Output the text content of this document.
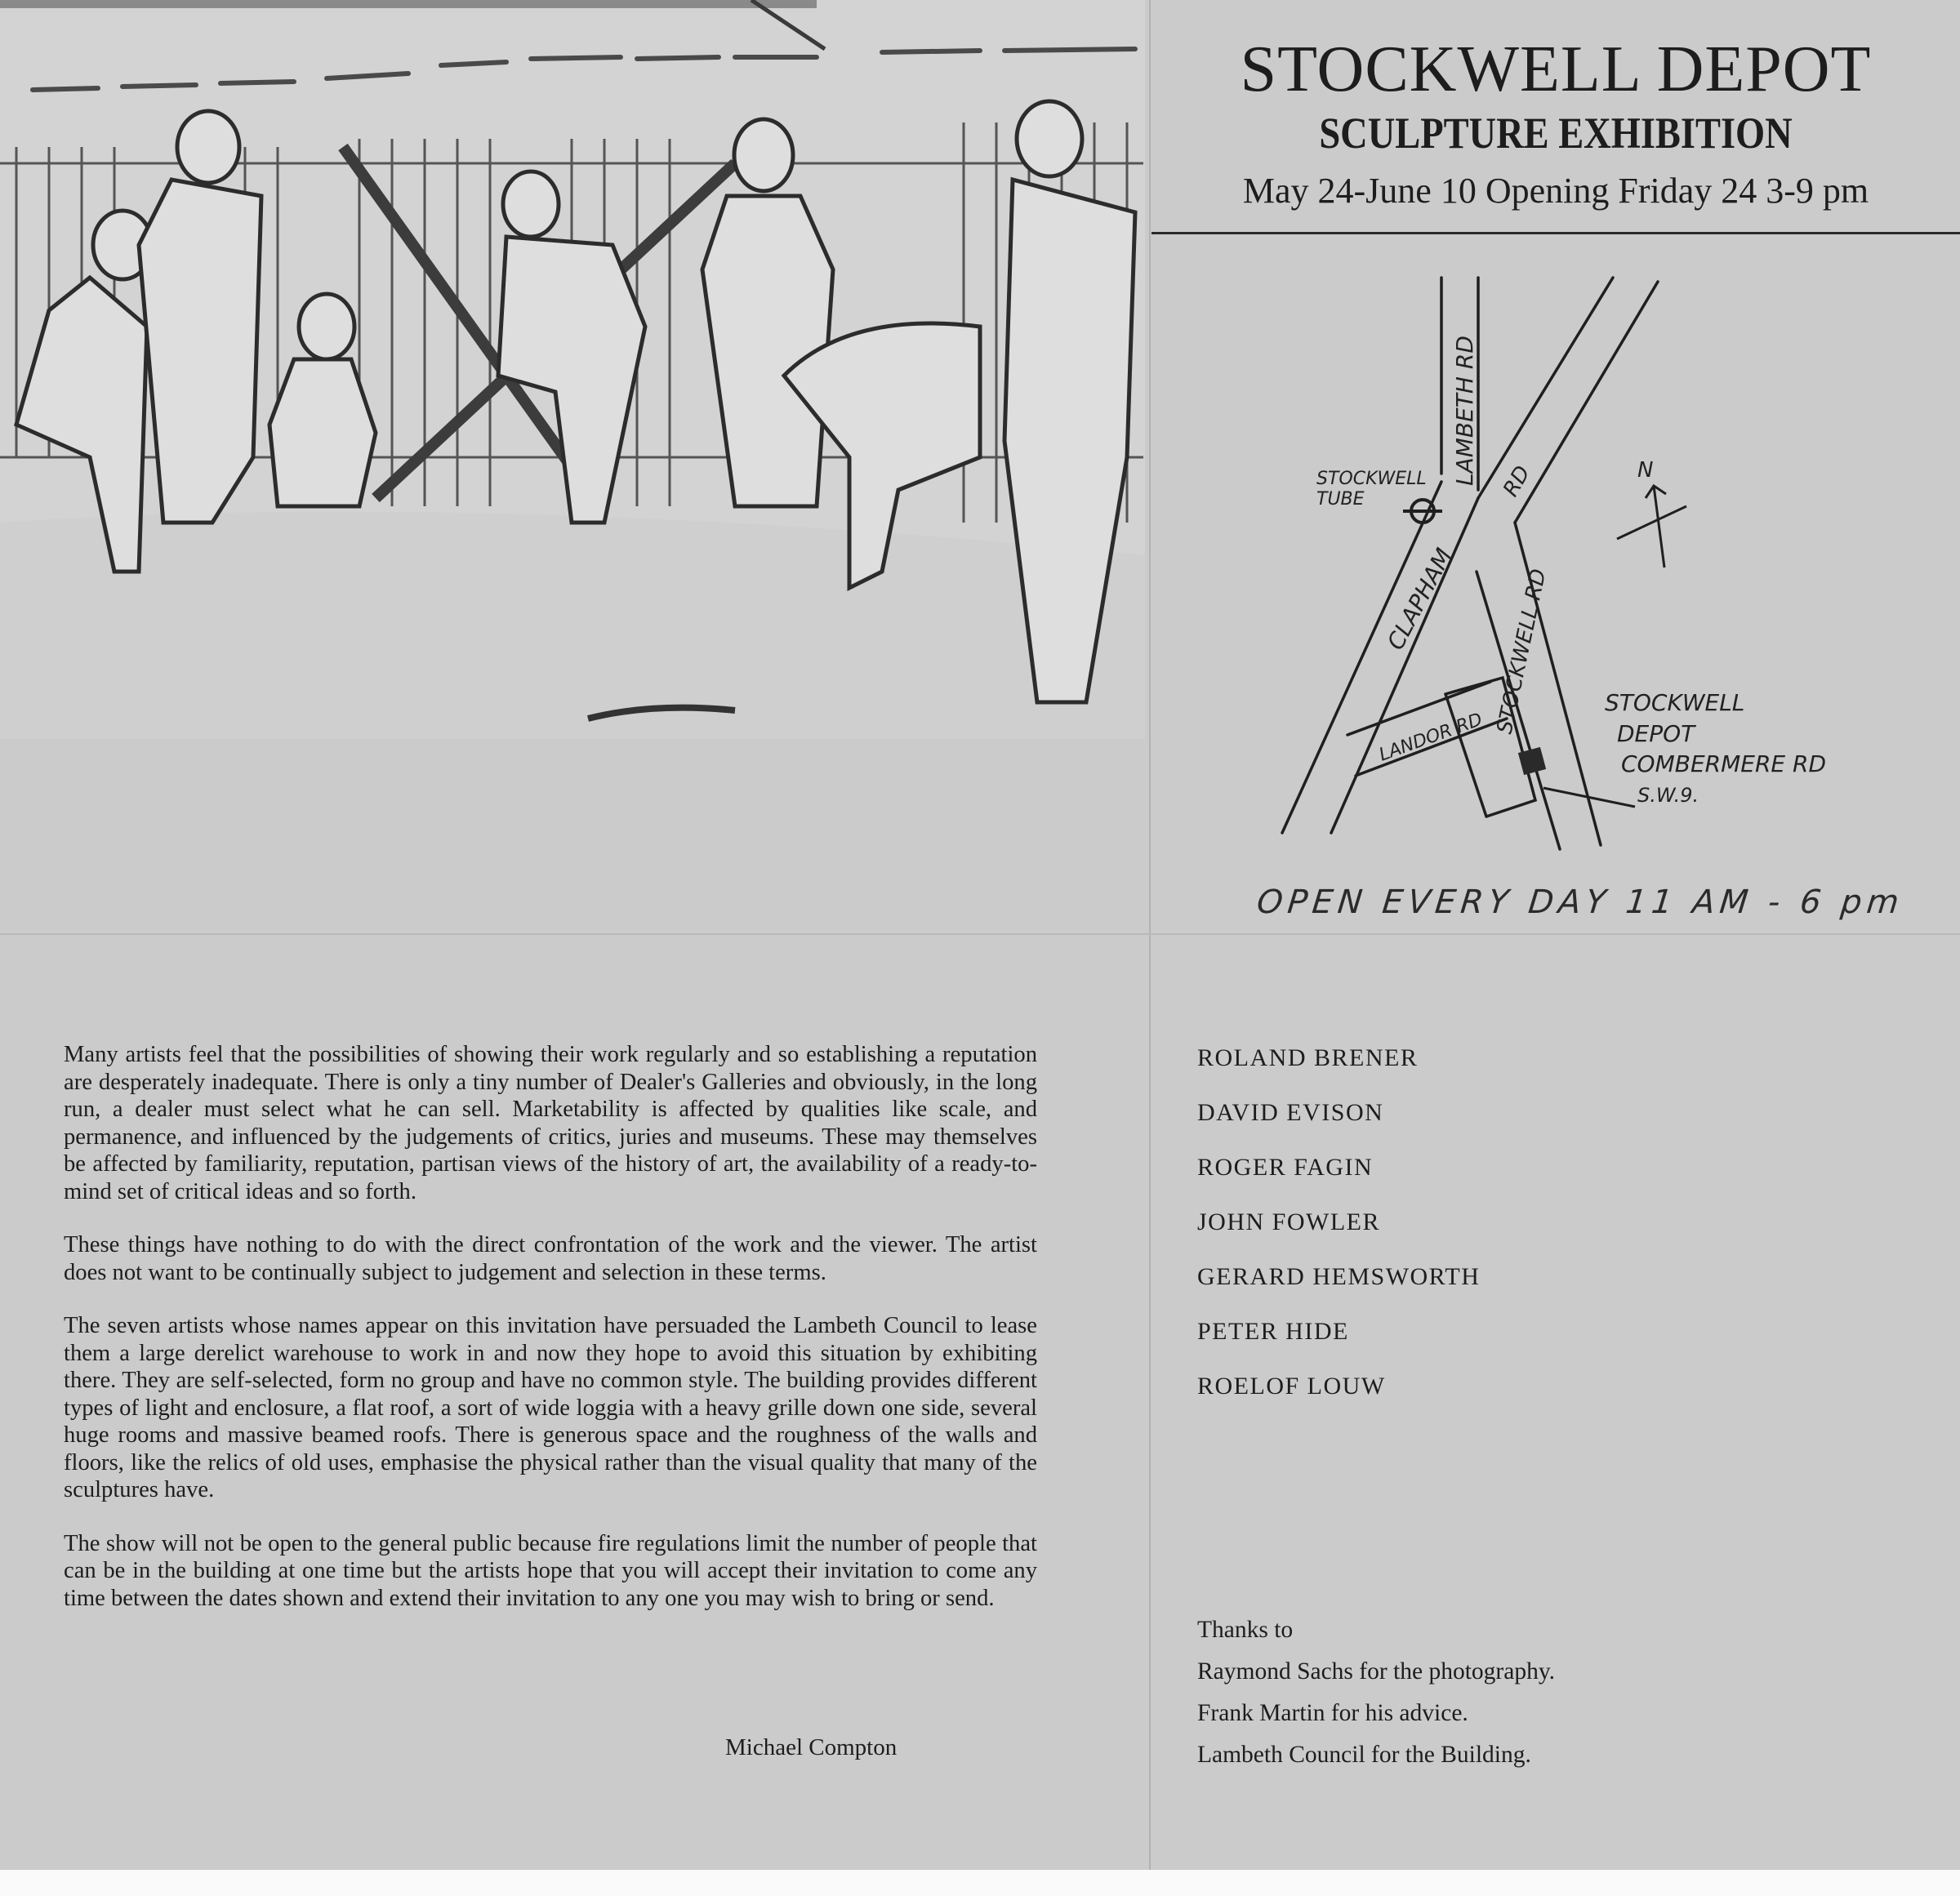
STOCKWELL DEPOT
SCULPTURE EXHIBITION
May 24-June 10 Opening Friday 24 3-9 pm
N
LAMBETH RD RD
CLAPHAM STOCKWELL RD
LANDOR RD
STOCKWELL
TUBE
STOCKWELL
DEPOT
COMBERMERE RD
S.W.9.
OPEN EVERY DAY 11 AM - 6 pm

Many artists feel that the possibilities of showing their work regularly and so establishing a reputation are desperately inadequate. There is only a tiny number of Dealer's Galleries and obviously, in the long run, a dealer must select what he can sell. Marketability is affected by qualities like scale, and permanence, and influenced by the judgements of critics, juries and museums. These may themselves be affected by familiarity, reputation, partisan views of the history of art, the availability of a ready-to-mind set of critical ideas and so forth.

These things have nothing to do with the direct confrontation of the work and the viewer. The artist does not want to be continually subject to judgement and selection in these terms.

The seven artists whose names appear on this invitation have persuaded the Lambeth Council to lease them a large derelict warehouse to work in and now they hope to avoid this situation by exhibiting there. They are self-selected, form no group and have no common style. The building provides different types of light and enclosure, a flat roof, a sort of wide loggia with a heavy grille down one side, several huge rooms and massive beamed roofs. There is generous space and the roughness of the walls and floors, like the relics of old uses, emphasise the physical rather than the visual quality that many of the sculptures have.

The show will not be open to the general public because fire regulations limit the number of people that can be in the building at one time but the artists hope that you will accept their invitation to come any time between the dates shown and extend their invitation to any one you may wish to bring or send.

Michael Compton
ROLAND BRENER
DAVID EVISON
ROGER FAGIN
JOHN FOWLER
GERARD HEMSWORTH
PETER HIDE
ROELOF LOUW
Thanks to
Raymond Sachs for the photography.
Frank Martin for his advice.
Lambeth Council for the Building.
